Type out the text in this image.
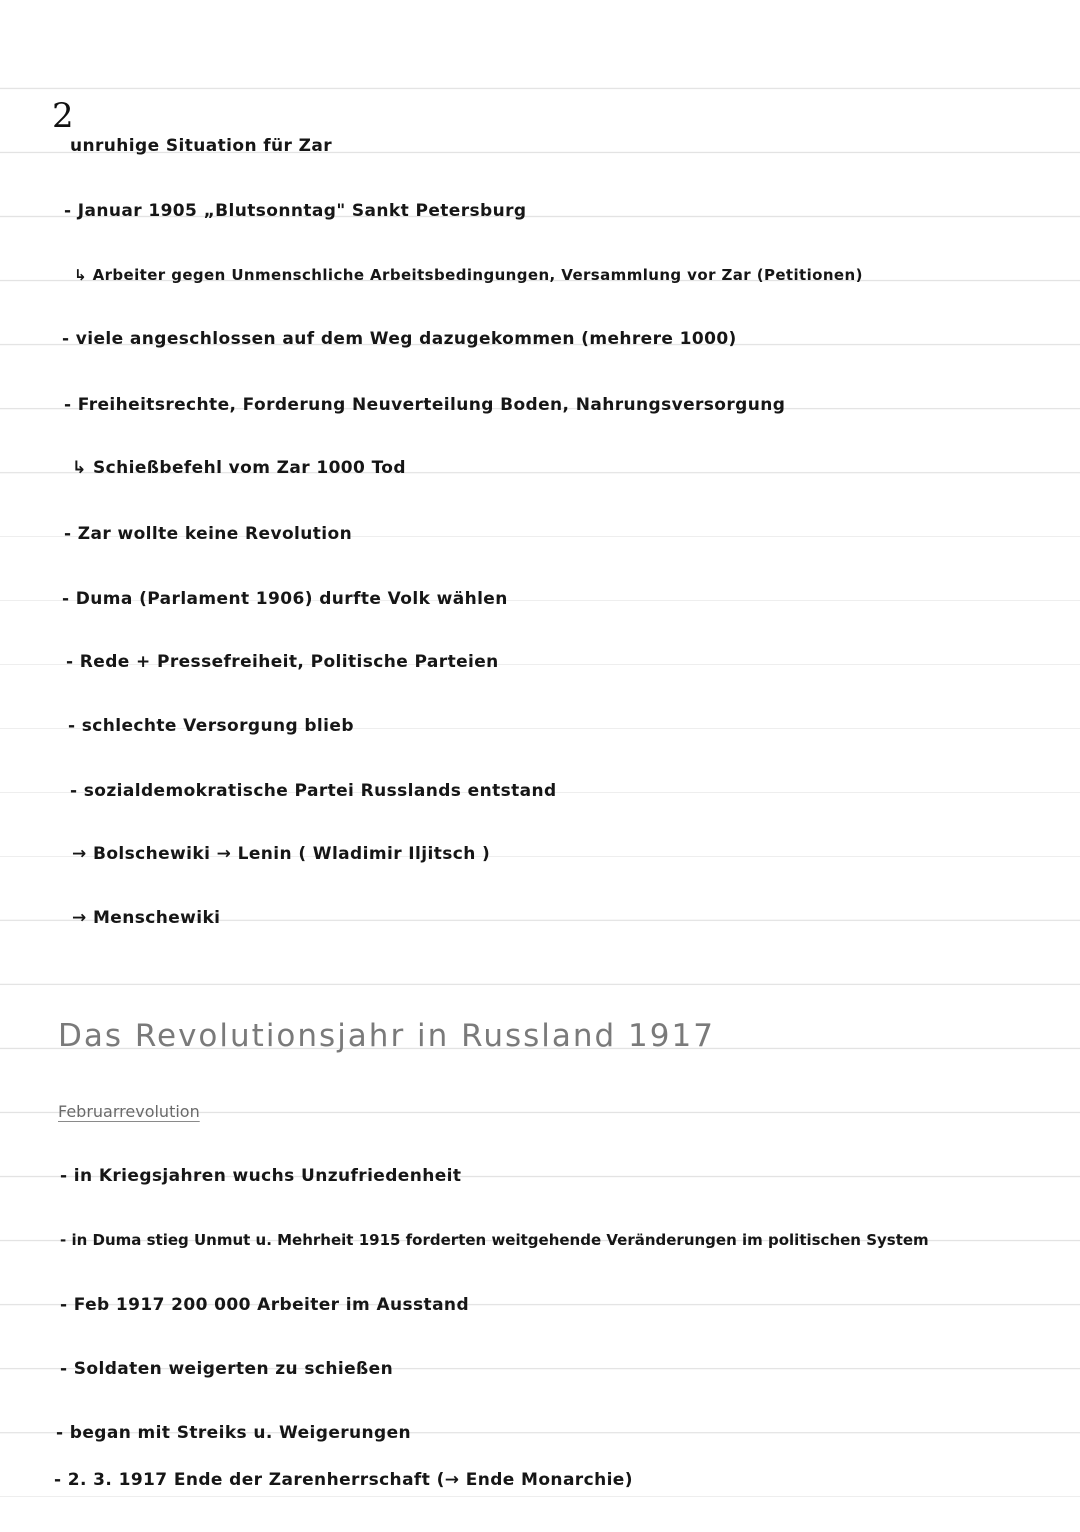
2
unruhige Situation für Zar
- Januar 1905 „Blutsonntag" Sankt Petersburg
↳ Arbeiter gegen Unmenschliche Arbeitsbedingungen, Versammlung vor Zar (Petitionen)
- viele angeschlossen auf dem Weg dazugekommen (mehrere 1000)
- Freiheitsrechte, Forderung Neuverteilung Boden, Nahrungsversorgung
↳ Schießbefehl vom Zar 1000 Tod
- Zar wollte keine Revolution
- Duma (Parlament 1906) durfte Volk wählen
- Rede + Pressefreiheit, Politische Parteien
- schlechte Versorgung blieb
- sozialdemokratische Partei Russlands entstand
→ Bolschewiki → Lenin ( Wladimir Iljitsch )
→ Menschewiki
Das Revolutionsjahr in Russland 1917
Februarrevolution
- in Kriegsjahren wuchs Unzufriedenheit
- in Duma stieg Unmut u. Mehrheit 1915 forderten weitgehende Veränderungen im politischen System
- Feb 1917 200 000 Arbeiter im Ausstand
- Soldaten weigerten zu schießen
- began mit Streiks u. Weigerungen
- 2. 3. 1917 Ende der Zarenherrschaft (→ Ende Monarchie)
